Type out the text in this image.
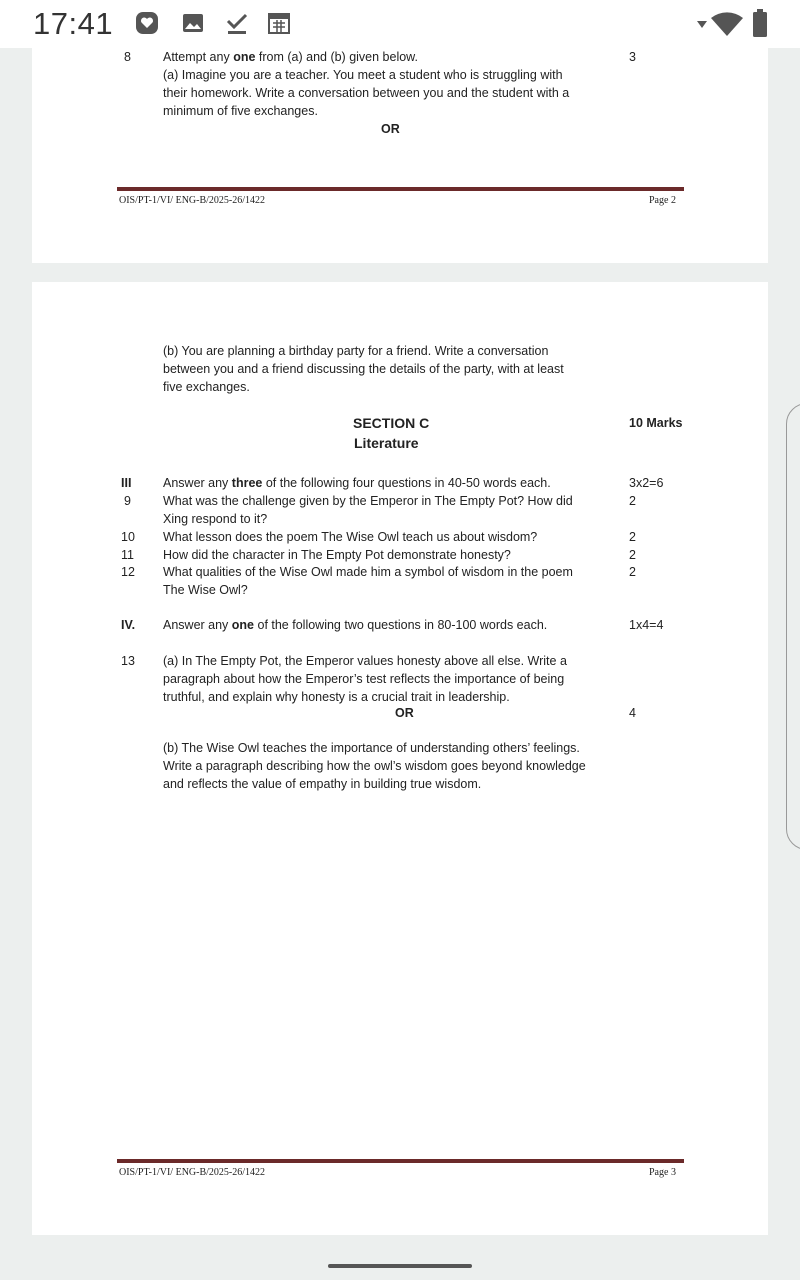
17:41
8	Attempt any one from (a) and (b) given below.	3
(a) Imagine you are a teacher. You meet a student who is struggling with
their homework. Write a conversation between you and the student with a
minimum of five exchanges.
OR
OIS/PT-1/VI/ ENG-B/2025-26/1422	Page 2
(b) You are planning a birthday party for a friend. Write a conversation
between you and a friend discussing the details of the party, with at least
five exchanges.
SECTION C	10 Marks
Literature
III	Answer any three of the following four questions in 40-50 words each.	3x2=6
9	What was the challenge given by the Emperor in The Empty Pot? How did	2
Xing respond to it?
10 What lesson does the poem The Wise Owl teach us about wisdom?	2
11 How did the character in The Empty Pot demonstrate honesty?	2
12 What qualities of the Wise Owl made him a symbol of wisdom in the poem	2
The Wise Owl?
IV. Answer any one of the following two questions in 80-100 words each.	1x4=4
13 (a) In The Empty Pot, the Emperor values honesty above all else. Write a
paragraph about how the Emperor’s test reflects the importance of being
truthful, and explain why honesty is a crucial trait in leadership.
OR	4
(b) The Wise Owl teaches the importance of understanding others’ feelings.
Write a paragraph describing how the owl’s wisdom goes beyond knowledge
and reflects the value of empathy in building true wisdom.
OIS/PT-1/VI/ ENG-B/2025-26/1422	Page 3
